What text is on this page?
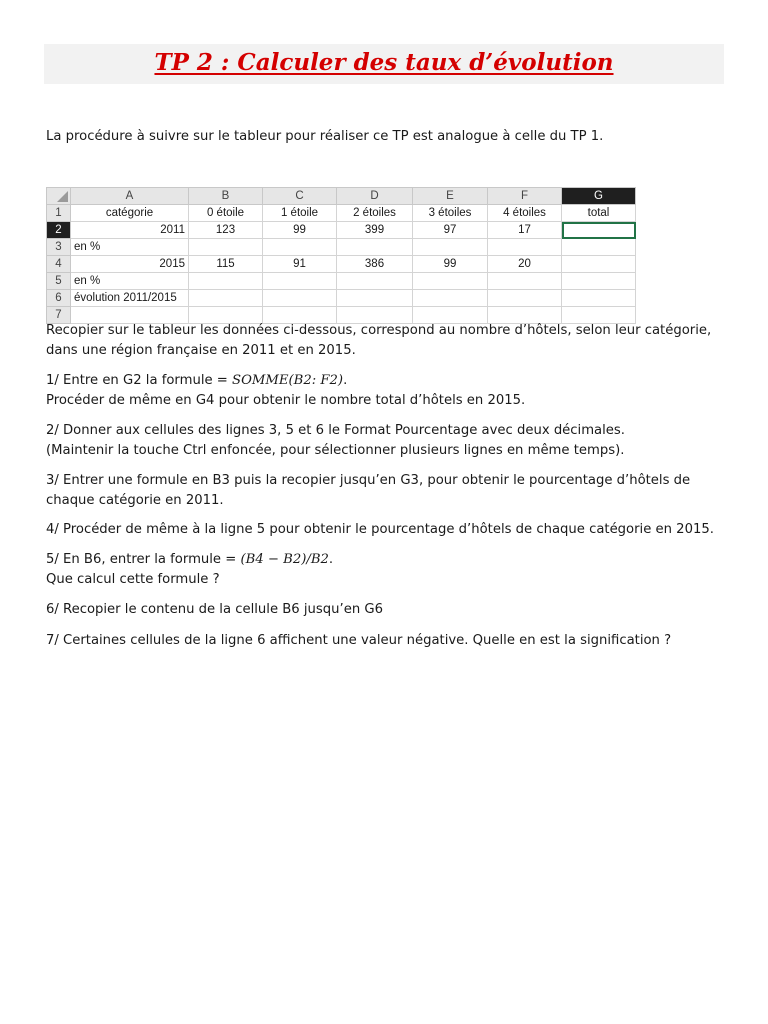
TP 2 : Calculer des taux d’évolution
La procédure à suivre sur le tableur pour réaliser ce TP est analogue à celle du TP 1.
	A	B	C	D	E	F	G
1	catégorie	0 étoile	1 étoile	2 étoiles	3 étoiles	4 étoiles	total
2	2011	123	99	399	97	17	
3	en %						
4	2015	115	91	386	99	20	
5	en %						
6	évolution 2011/2015						
7							
Recopier sur le tableur les données ci-dessous, correspond au nombre d’hôtels, selon leur catégorie,
dans une région française en 2011 et en 2015.
1/ Entre en G2 la formule = SOMME(B2: F2).
Procéder de même en G4 pour obtenir le nombre total d’hôtels en 2015.
2/ Donner aux cellules des lignes 3, 5 et 6 le Format Pourcentage avec deux décimales.
(Maintenir la touche Ctrl enfoncée, pour sélectionner plusieurs lignes en même temps).
3/ Entrer une formule en B3 puis la recopier jusqu’en G3, pour obtenir le pourcentage d’hôtels de
chaque catégorie en 2011.
4/ Procéder de même à la ligne 5 pour obtenir le pourcentage d’hôtels de chaque catégorie en 2015.
5/ En B6, entrer la formule = (B4 − B2)/B2.
Que calcul cette formule ?
6/ Recopier le contenu de la cellule B6 jusqu’en G6
7/ Certaines cellules de la ligne 6 affichent une valeur négative. Quelle en est la signification ?
